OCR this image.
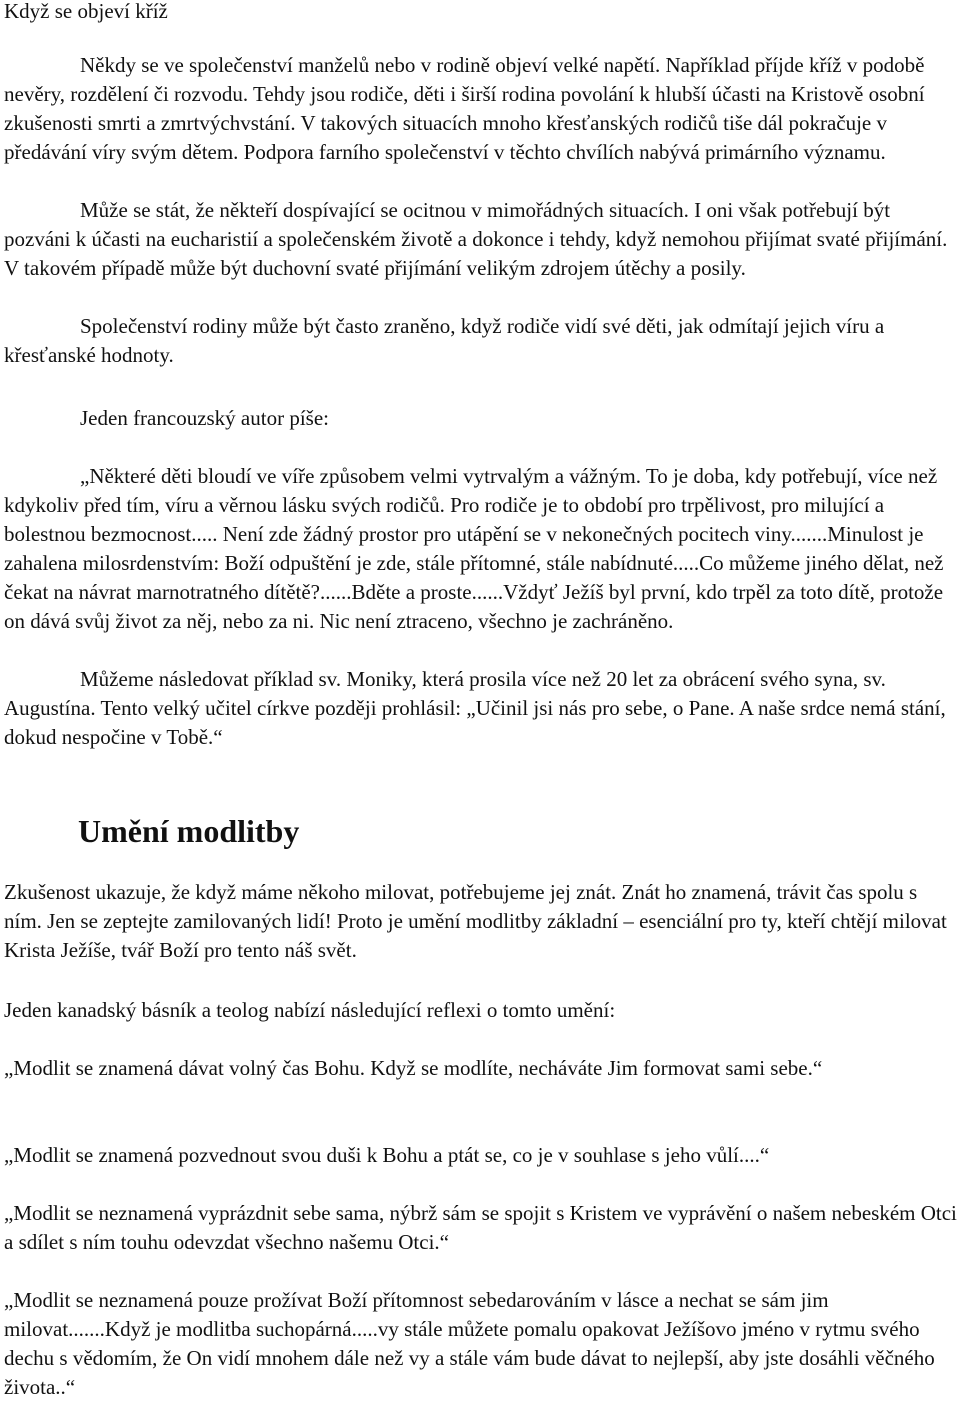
Když se objeví kříž

Někdy se ve společenství manželů nebo v rodině objeví velké napětí. Například příjde kříž v podobě nevěry, rozdělení či rozvodu. Tehdy jsou rodiče, děti i širší rodina povolání k hlubší účasti na Kristově osobní zkušenosti smrti a zmrtvýchvstání. V takových situacích mnoho křesťanských rodičů tiše dál pokračuje v předávání víry svým dětem. Podpora farního společenství v těchto chvílích nabývá primárního významu.

Může se stát, že někteří dospívající se ocitnou v mimořádných situacích. I oni však potřebují být pozváni k účasti na eucharistií a společenském životě a dokonce i tehdy, když nemohou přijímat svaté přijímání. V takovém případě může být duchovní svaté přijímání velikým zdrojem útěchy a posily.

Společenství rodiny může být často zraněno, když rodiče vidí své děti, jak odmítají jejich víru a křesťanské hodnoty.

Jeden francouzský autor píše:

„Některé děti bloudí ve víře způsobem velmi vytrvalým a vážným. To je doba, kdy potřebují, více než kdykoliv před tím, víru a věrnou lásku svých rodičů. Pro rodiče je to období pro trpělivost, pro milující a bolestnou bezmocnost..... Není zde žádný prostor pro utápění se v nekonečných pocitech viny.......Minulost je zahalena milosrdenstvím: Boží odpuštění je zde, stále přítomné, stále nabídnuté.....Co můžeme jiného dělat, než čekat na návrat marnotratného dítětě?......Bděte a proste......Vždyť Ježíš byl první, kdo trpěl za toto dítě, protože on dává svůj život za něj, nebo za ni. Nic není ztraceno, všechno je zachráněno.

Můžeme následovat příklad sv. Moniky, která prosila více než 20 let za obrácení svého syna, sv. Augustína. Tento velký učitel církve později prohlásil: „Učinil jsi nás pro sebe, o Pane. A naše srdce nemá stání, dokud nespočine v Tobě.“

Umění modlitby

Zkušenost ukazuje, že když máme někoho milovat, potřebujeme jej znát. Znát ho znamená, trávit čas spolu s ním. Jen se zeptejte zamilovaných lidí! Proto je umění modlitby základní – esenciální pro ty, kteří chtějí milovat Krista Ježíše, tvář Boží pro tento náš svět.

Jeden kanadský básník a teolog nabízí následující reflexi o tomto umění:

„Modlit se znamená dávat volný čas Bohu. Když se modlíte, necháváte Jim formovat sami sebe.“

„Modlit se znamená pozvednout svou duši k Bohu a ptát se, co je v souhlase s jeho vůlí....“

„Modlit se neznamená vyprázdnit sebe sama, nýbrž sám se spojit s Kristem ve vyprávění o našem nebeském Otci a sdílet s ním touhu odevzdat všechno našemu Otci.“

„Modlit se neznamená pouze prožívat Boží přítomnost sebedarováním v lásce a nechat se sám jim milovat.......Když je modlitba suchopárná.....vy stále můžete pomalu opakovat Ježíšovo jméno v rytmu svého dechu s vědomím, že On vidí mnohem dále než vy a stále vám bude dávat to nejlepší, aby jste dosáhli věčného života..“
